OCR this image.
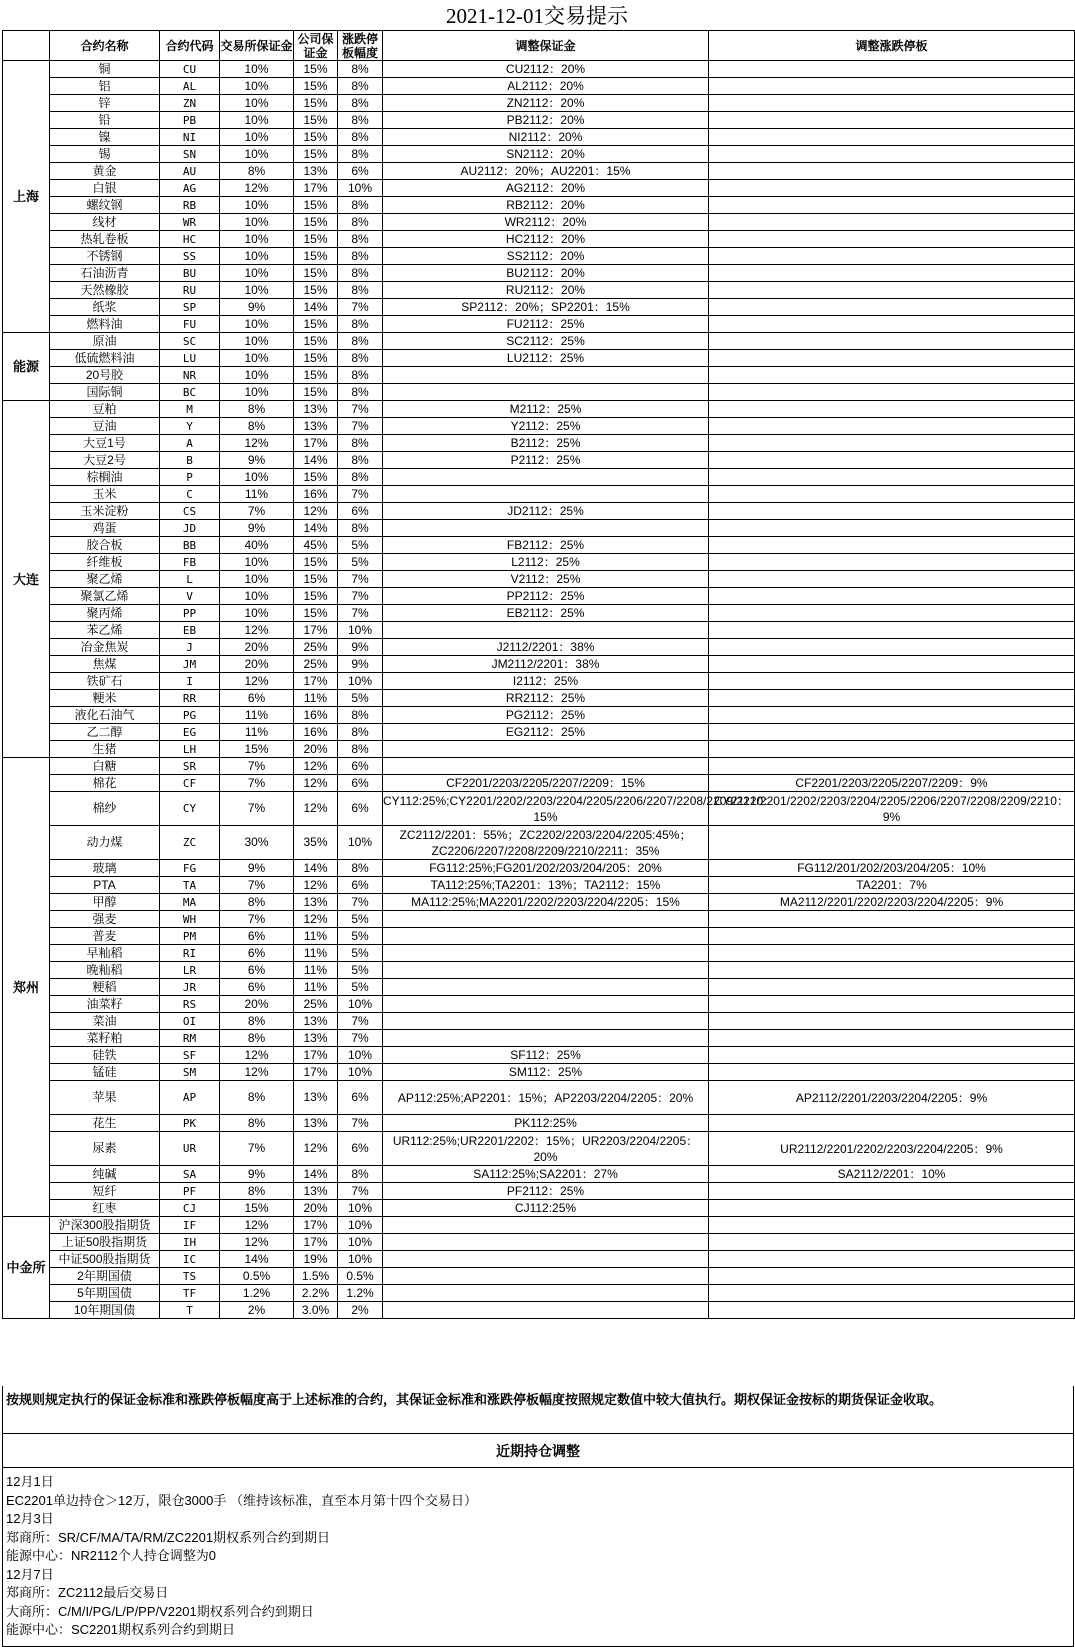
2021-12-01交易提示
	合约名称	合约代码	交易所保证金	公司保证金	涨跌停板幅度	调整保证金	调整涨跌停板
上海	铜	CU	10%	15%	8%	CU2112：20%	
	铝	AL	10%	15%	8%	AL2112：20%	
	锌	ZN	10%	15%	8%	ZN2112：20%	
	铅	PB	10%	15%	8%	PB2112：20%	
	镍	NI	10%	15%	8%	NI2112：20%	
	锡	SN	10%	15%	8%	SN2112：20%	
	黄金	AU	8%	13%	6%	AU2112：20%；AU2201：15%	
	白银	AG	12%	17%	10%	AG2112：20%	
	螺纹钢	RB	10%	15%	8%	RB2112：20%	
	线材	WR	10%	15%	8%	WR2112：20%	
	热轧卷板	HC	10%	15%	8%	HC2112：20%	
	不锈钢	SS	10%	15%	8%	SS2112：20%	
	石油沥青	BU	10%	15%	8%	BU2112：20%	
	天然橡胶	RU	10%	15%	8%	RU2112：20%	
	纸浆	SP	9%	14%	7%	SP2112：20%；SP2201：15%	
	燃料油	FU	10%	15%	8%	FU2112：25%	
能源	原油	SC	10%	15%	8%	SC2112：25%	
	低硫燃料油	LU	10%	15%	8%	LU2112：25%	
	20号胶	NR	10%	15%	8%		
	国际铜	BC	10%	15%	8%		
大连	豆粕	M	8%	13%	7%	M2112：25%	
	豆油	Y	8%	13%	7%	Y2112：25%	
	大豆1号	A	12%	17%	8%	B2112：25%	
	大豆2号	B	9%	14%	8%	P2112：25%	
	棕榈油	P	10%	15%	8%		
	玉米	C	11%	16%	7%		
	玉米淀粉	CS	7%	12%	6%	JD2112：25%	
	鸡蛋	JD	9%	14%	8%		
	胶合板	BB	40%	45%	5%	FB2112：25%	
	纤维板	FB	10%	15%	5%	L2112：25%	
	聚乙烯	L	10%	15%	7%	V2112：25%	
	聚氯乙烯	V	10%	15%	7%	PP2112：25%	
	聚丙烯	PP	10%	15%	7%	EB2112：25%	
	苯乙烯	EB	12%	17%	10%		
	冶金焦炭	J	20%	25%	9%	J2112/2201：38%	
	焦煤	JM	20%	25%	9%	JM2112/2201：38%	
	铁矿石	I	12%	17%	10%	I2112：25%	
	粳米	RR	6%	11%	5%	RR2112：25%	
	液化石油气	PG	11%	16%	8%	PG2112：25%	
	乙二醇	EG	11%	16%	8%	EG2112：25%	
	生猪	LH	15%	20%	8%		
郑州	白糖	SR	7%	12%	6%		
	棉花	CF	7%	12%	6%	CF2201/2203/2205/2207/2209：15%	CF2201/2203/2205/2207/2209：9%
	棉纱	CY	7%	12%	6%	CY112:25%;CY2201/2202/2203/2204/2205/2206/2207/2208/2209/2210：15%	CY2112/2201/2202/2203/2204/2205/2206/2207/2208/2209/2210：9%
	动力煤	ZC	30%	35%	10%	ZC2112/2201：55%；ZC2202/2203/2204/2205:45%；ZC2206/2207/2208/2209/2210/2211：35%	
	玻璃	FG	9%	14%	8%	FG112:25%;FG201/202/203/204/205：20%	FG112/201/202/203/204/205：10%
	PTA	TA	7%	12%	6%	TA112:25%;TA2201：13%；TA2112：15%	TA2201：7%
	甲醇	MA	8%	13%	7%	MA112:25%;MA2201/2202/2203/2204/2205：15%	MA2112/2201/2202/2203/2204/2205：9%
	强麦	WH	7%	12%	5%		
	普麦	PM	6%	11%	5%		
	早籼稻	RI	6%	11%	5%		
	晚籼稻	LR	6%	11%	5%		
	粳稻	JR	6%	11%	5%		
	油菜籽	RS	20%	25%	10%		
	菜油	OI	8%	13%	7%		
	菜籽粕	RM	8%	13%	7%		
	硅铁	SF	12%	17%	10%	SF112：25%	
	锰硅	SM	12%	17%	10%	SM112：25%	
	苹果	AP	8%	13%	6%	AP112:25%;AP2201：15%；AP2203/2204/2205：20%	AP2112/2201/2203/2204/2205：9%
	花生	PK	8%	13%	7%	PK112:25%	
	尿素	UR	7%	12%	6%	UR112:25%;UR2201/2202：15%；UR2203/2204/2205：20%	UR2112/2201/2202/2203/2204/2205：9%
	纯碱	SA	9%	14%	8%	SA112:25%;SA2201：27%	SA2112/2201：10%
	短纤	PF	8%	13%	7%	PF2112：25%	
	红枣	CJ	15%	20%	10%	CJ112:25%	
中金所	沪深300股指期货	IF	12%	17%	10%		
	上证50股指期货	IH	12%	17%	10%		
	中证500股指期货	IC	14%	19%	10%		
	2年期国债	TS	0.5%	1.5%	0.5%		
	5年期国债	TF	1.2%	2.2%	1.2%		
	10年期国债	T	2%	3.0%	2%		
按规则规定执行的保证金标准和涨跌停板幅度高于上述标准的合约，其保证金标准和涨跌停板幅度按照规定数值中较大值执行。期权保证金按标的期货保证金收取。
近期持仓调整
12月1日
EC2201单边持仓＞12万，限仓3000手 （维持该标准，直至本月第十四个交易日）
12月3日
郑商所：SR/CF/MA/TA/RM/ZC2201期权系列合约到期日
能源中心：NR2112个人持仓调整为0
12月7日
郑商所：ZC2112最后交易日
大商所：C/M/I/PG/L/P/PP/V2201期权系列合约到期日
能源中心：SC2201期权系列合约到期日
